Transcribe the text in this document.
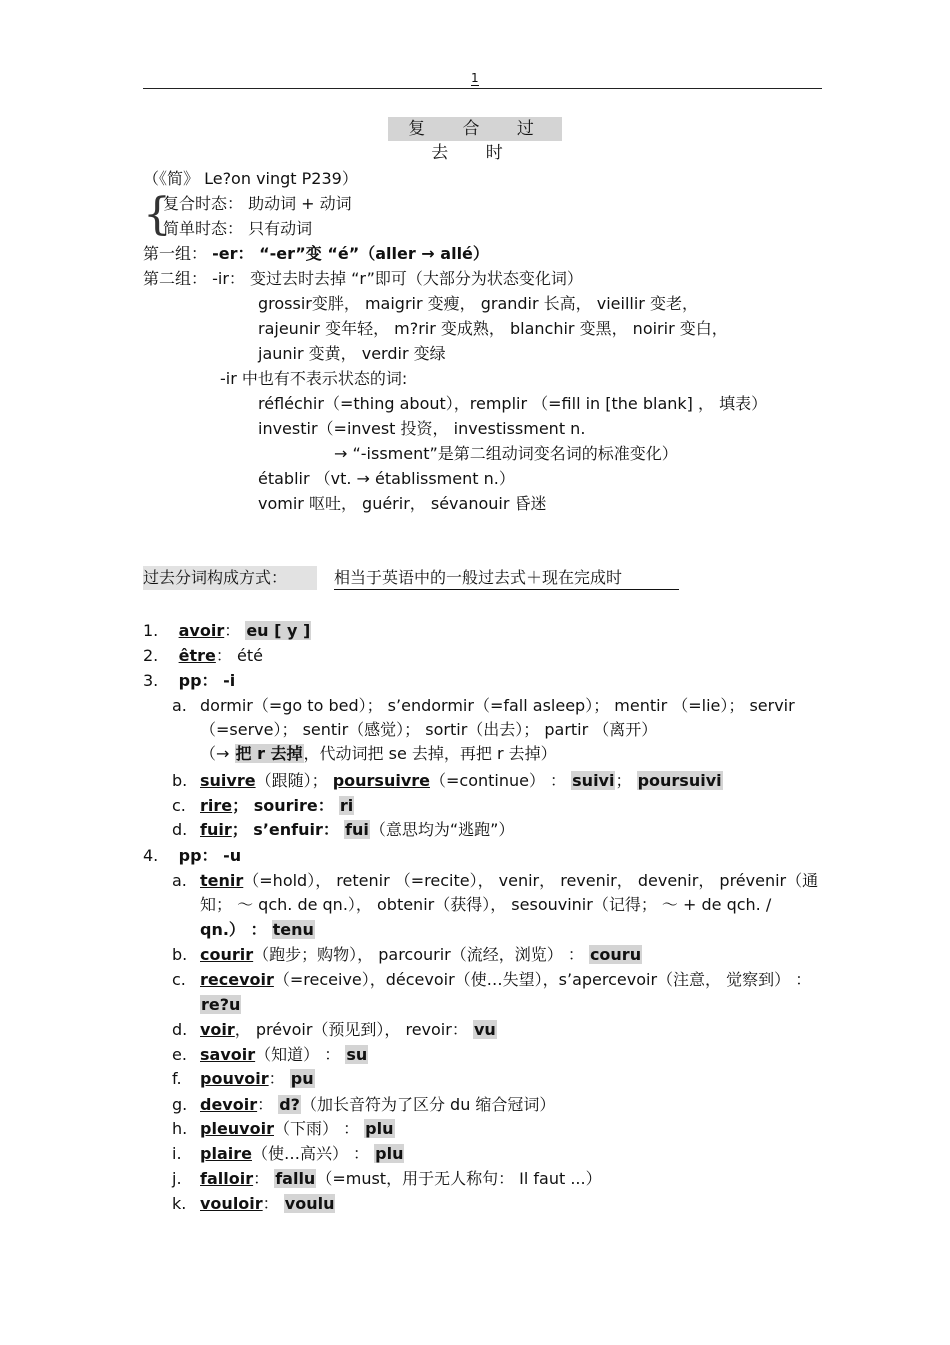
1
复 合 过 去 时
（《简》 Le?on vingt P239）
{
复合时态： 助动词 + 动词
简单时态： 只有动词
第一组： -er： “-er”变 “é”（aller → allé）
第二组： -ir： 变过去时去掉 “r”即可（大部分为状态变化词）
grossir变胖， maigrir 变瘦， grandir 长高， vieillir 变老，
rajeunir 变年轻， m?rir 变成熟， blanchir 变黑， noirir 变白，
jaunir 变黄， verdir 变绿
-ir 中也有不表示状态的词:
réfléchir（=thing about），remplir （=fill in [the blank] ， 填表）
investir（=invest 投资， investissment n.
→ “-issment”是第二组动词变名词的标准变化）
établir （vt. → établissment n.）
vomir 呕吐， guérir， sévanouir 昏迷
过去分词构成方式：	相当于英语中的一般过去式＋现在完成时
1. avoir： eu [ y ]
2. être： été
3. pp： -i
a. dormir（=go to bed）； s’endormir（=fall asleep）； mentir （=lie）； servir
（=serve）； sentir（感觉）； sortir（出去）； partir （离开）
（→ 把 r 去掉，代动词把 se 去掉，再把 r 去掉）
b. suivre（跟随）； poursuivre（=continue） ： suivi； poursuivi
c. rire； sourire： ri
d. fuir； s’enfuir： fui（意思均为“逃跑”）
4. pp： -u
a. tenir（=hold）， retenir （=recite）， venir， revenir， devenir， prévenir（通
知； ～ qch. de qn.）， obtenir（获得）， sesouvinir（记得； ～ + de qch. /
qn.） ： tenu
b. courir（跑步；购物）， parcourir（流经，浏览） ： couru
c. recevoir（=receive），décevoir（使…失望），s’apercevoir（注意， 觉察到） ：
re?u
d. voir， prévoir（预见到）， revoir： vu
e. savoir（知道） ： su
f. pouvoir： pu
g. devoir： d?（加长音符为了区分 du 缩合冠词）
h. pleuvoir（下雨） ： plu
i. plaire（使…高兴） ： plu
j. falloir： fallu（=must，用于无人称句： Il faut ...）
k. vouloir： voulu
